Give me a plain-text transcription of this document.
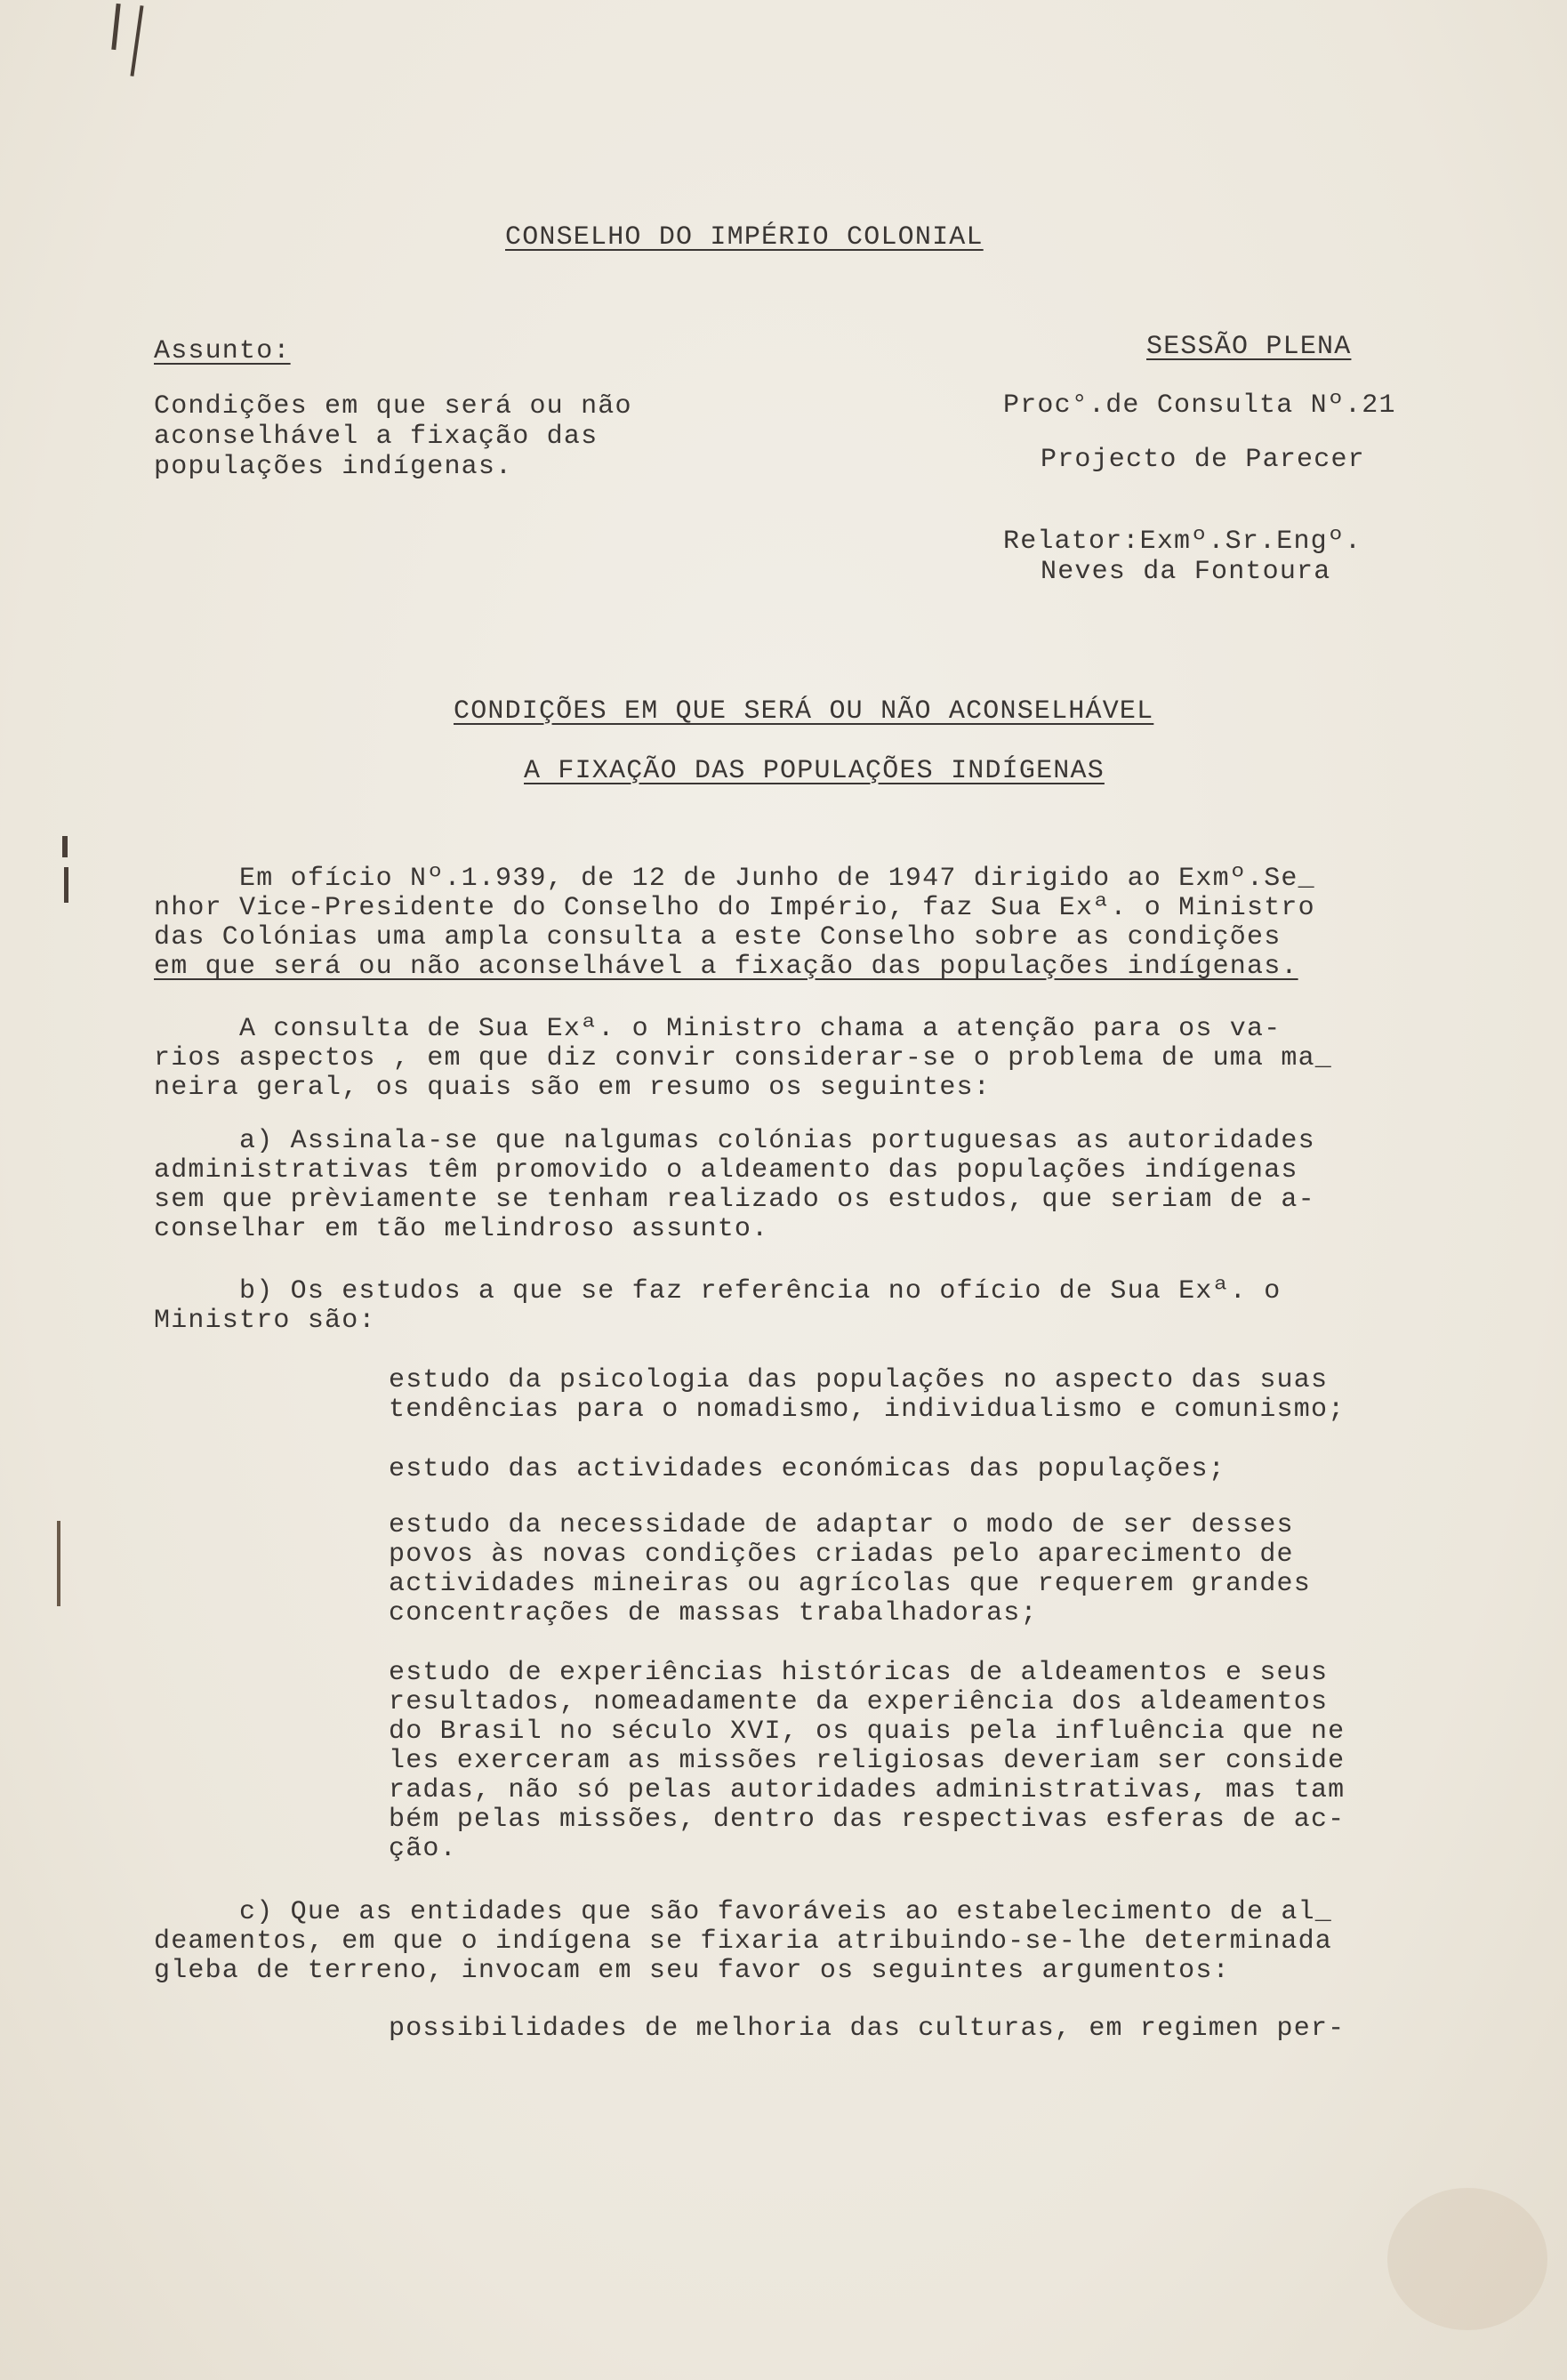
CONSELHO DO IMPÉRIO COLONIAL
Assunto:
Condições em que será ou não
aconselhável a fixação das
populações indígenas.
SESSÃO PLENA
Proc°.de Consulta Nº.21
Projecto de Parecer
Relator:Exmº.Sr.Engº.
Neves da Fontoura
CONDIÇÕES EM QUE SERÁ OU NÃO ACONSELHÁVEL
A FIXAÇÃO DAS POPULAÇÕES INDÍGENAS
Em ofício Nº.1.939, de 12 de Junho de 1947 dirigido ao Exmº.Se_
nhor Vice-Presidente do Conselho do Império, faz Sua Exª. o Ministro
das Colónias uma ampla consulta a este Conselho sobre as condições
em que será ou não aconselhável a fixação das populações indígenas.
A consulta de Sua Exª. o Ministro chama a atenção para os va-
rios aspectos , em que diz convir considerar-se o problema de uma ma_
neira geral, os quais são em resumo os seguintes:
a) Assinala-se que nalgumas colónias portuguesas as autoridades
administrativas têm promovido o aldeamento das populações indígenas
sem que prèviamente se tenham realizado os estudos, que seriam de a-
conselhar em tão melindroso assunto.
b) Os estudos a que se faz referência no ofício de Sua Exª. o
Ministro são:
estudo da psicologia das populações no aspecto das suas
tendências para o nomadismo, individualismo e comunismo;
estudo das actividades económicas das populações;
estudo da necessidade de adaptar o modo de ser desses
povos às novas condições criadas pelo aparecimento de
actividades mineiras ou agrícolas que requerem grandes
concentrações de massas trabalhadoras;
estudo de experiências históricas de aldeamentos e seus
resultados, nomeadamente da experiência dos aldeamentos
do Brasil no século XVI, os quais pela influência que ne
les exerceram as missões religiosas deveriam ser conside
radas, não só pelas autoridades administrativas, mas tam
bém pelas missões, dentro das respectivas esferas de ac-
ção.
c) Que as entidades que são favoráveis ao estabelecimento de al_
deamentos, em que o indígena se fixaria atribuindo-se-lhe determinada
gleba de terreno, invocam em seu favor os seguintes argumentos:
possibilidades de melhoria das culturas, em regimen per-
